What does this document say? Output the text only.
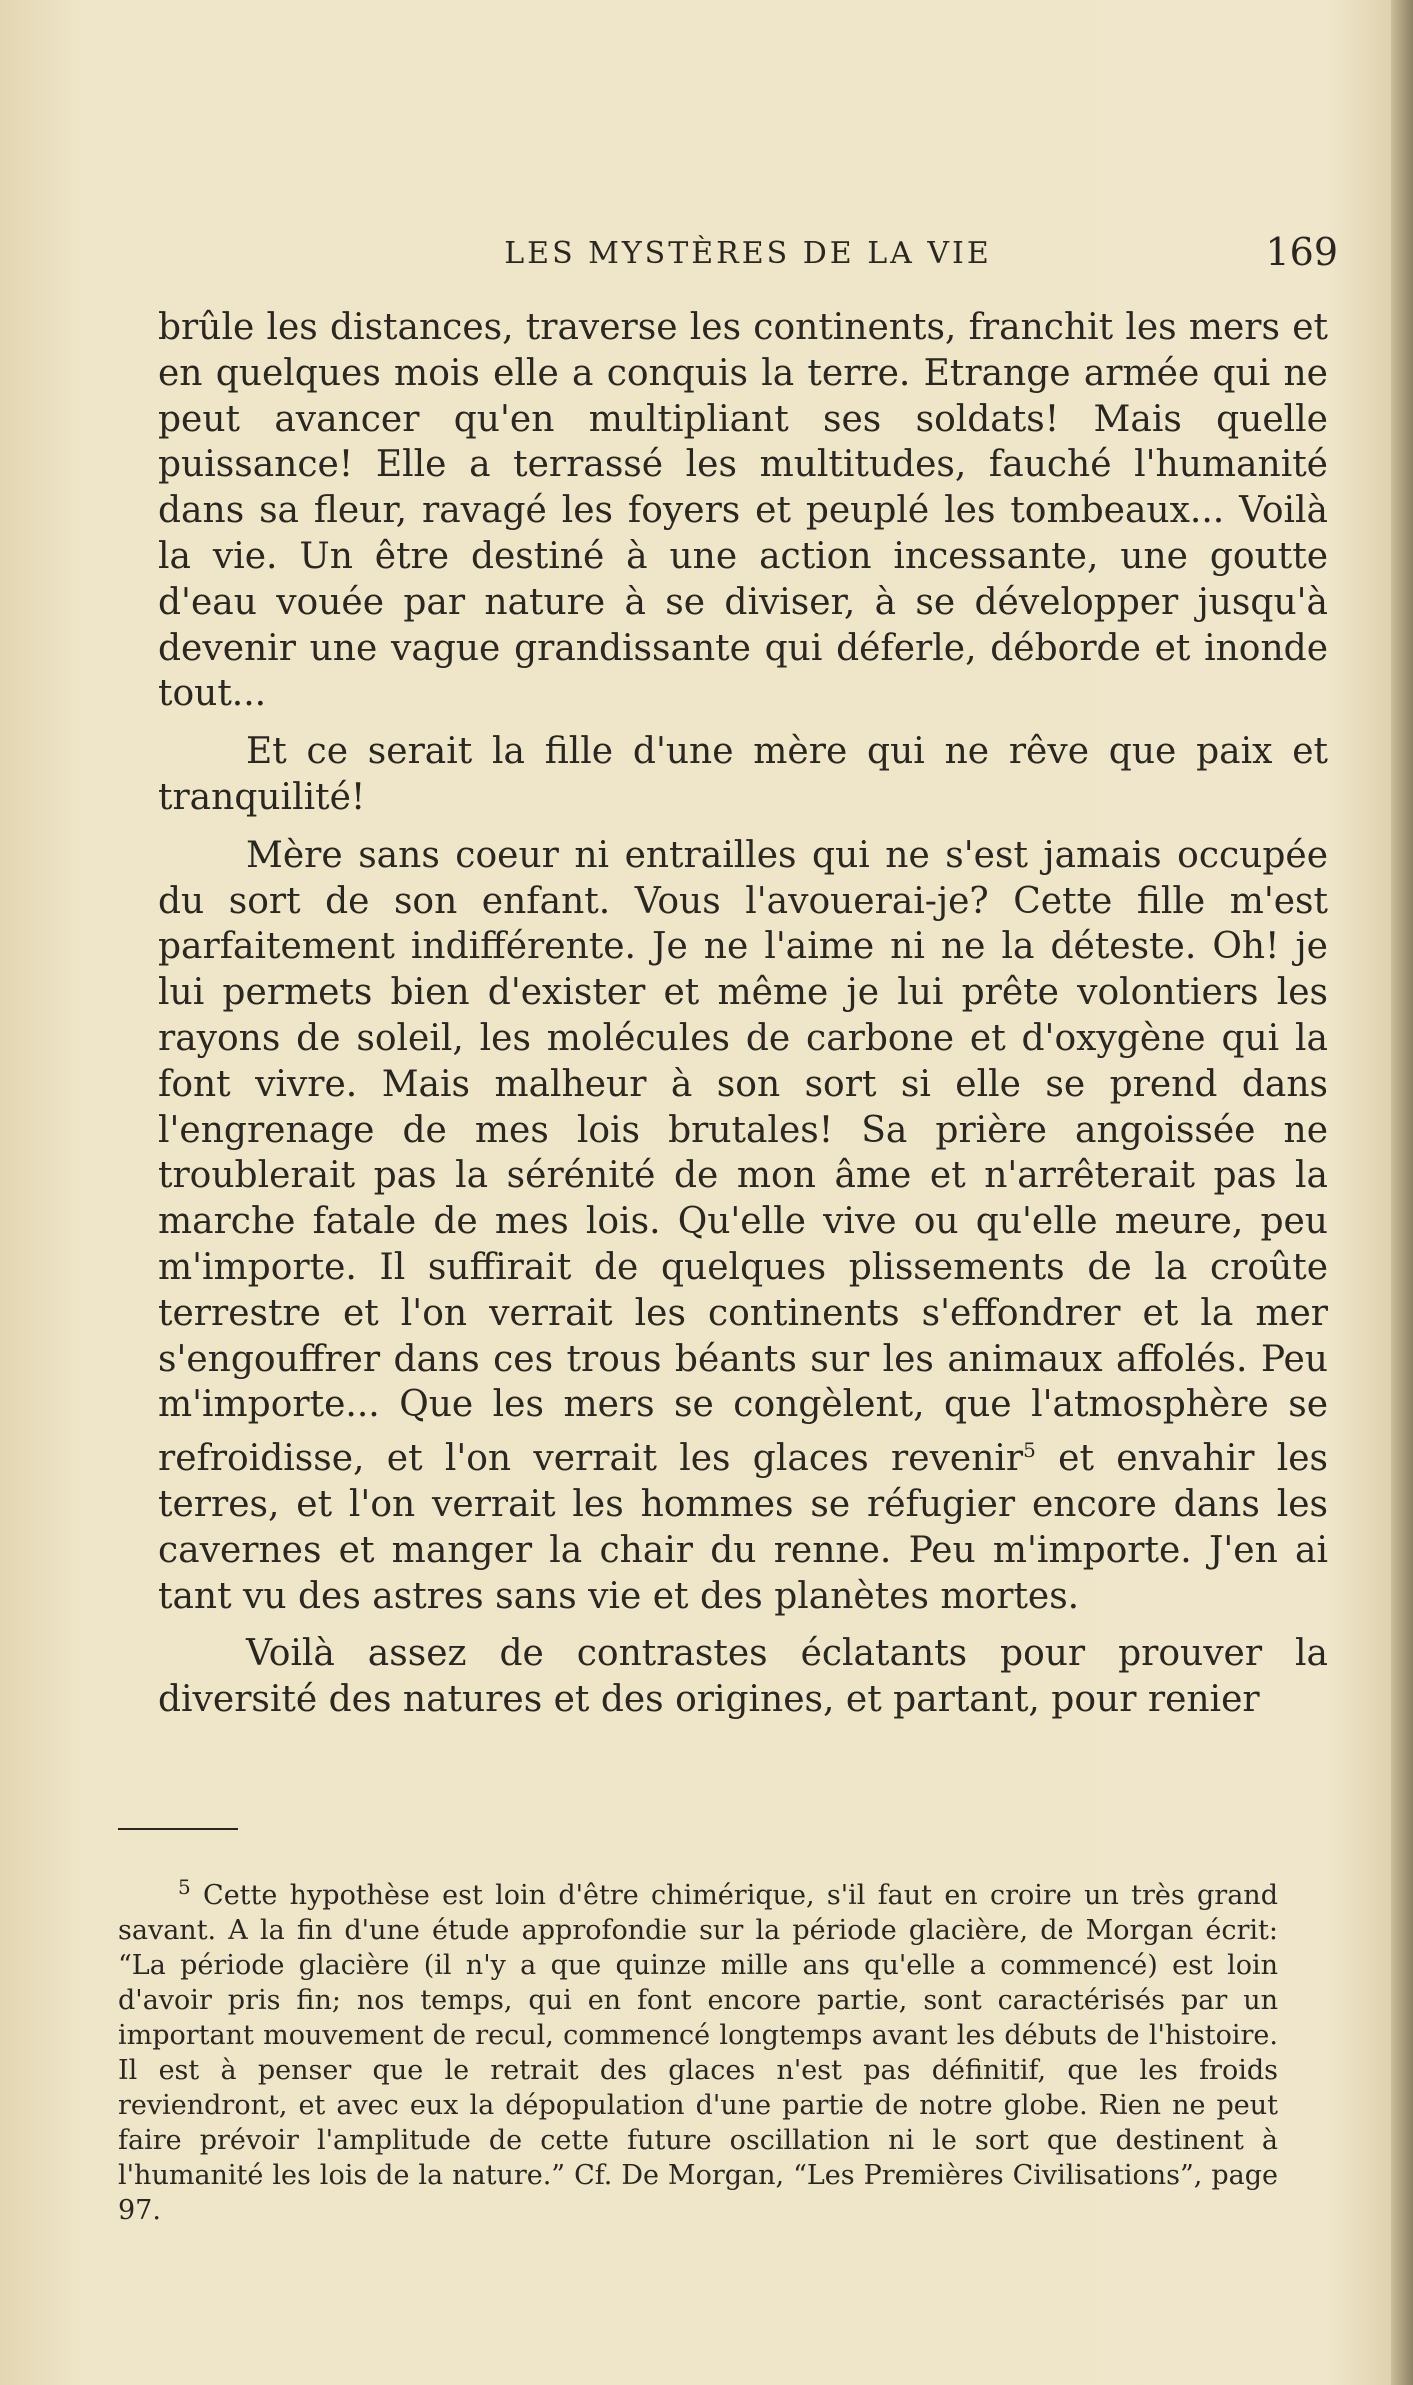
LES MYSTÈRES DE LA VIE	169

brûle les distances, traverse les continents, franchit les mers et en quelques mois elle a conquis la terre. Etrange armée qui ne peut avancer qu'en multipliant ses soldats! Mais quelle puissance! Elle a terrassé les multitudes, fauché l'humanité dans sa fleur, ravagé les foyers et peuplé les tombeaux... Voilà la vie. Un être destiné à une action incessante, une goutte d'eau vouée par nature à se diviser, à se développer jusqu'à devenir une vague grandissante qui déferle, déborde et inonde tout...

Et ce serait la fille d'une mère qui ne rêve que paix et tranquilité!

Mère sans coeur ni entrailles qui ne s'est jamais occupée du sort de son enfant. Vous l'avouerai-je? Cette fille m'est parfaitement indifférente. Je ne l'aime ni ne la déteste. Oh! je lui permets bien d'exister et même je lui prête volontiers les rayons de soleil, les molécules de carbone et d'oxygène qui la font vivre. Mais malheur à son sort si elle se prend dans l'engrenage de mes lois brutales! Sa prière angoissée ne troublerait pas la sérénité de mon âme et n'arrêterait pas la marche fatale de mes lois. Qu'elle vive ou qu'elle meure, peu m'importe. Il suffirait de quelques plissements de la croûte terrestre et l'on verrait les continents s'effondrer et la mer s'engouffrer dans ces trous béants sur les animaux affolés. Peu m'importe... Que les mers se congèlent, que l'atmosphère se refroidisse, et l'on verrait les glaces revenir$^5$ et envahir les terres, et l'on verrait les hommes se réfugier encore dans les cavernes et manger la chair du renne. Peu m'importe. J'en ai tant vu des astres sans vie et des planètes mortes.

Voilà assez de contrastes éclatants pour prouver la diversité des natures et des origines, et partant, pour renier

$^5$ Cette hypothèse est loin d'être chimérique, s'il faut en croire un très grand savant. A la fin d'une étude approfondie sur la période glacière, de Morgan écrit: “La période glacière (il n'y a que quinze mille ans qu'elle a commencé) est loin d'avoir pris fin; nos temps, qui en font encore partie, sont caractérisés par un important mouvement de recul, commencé longtemps avant les débuts de l'histoire. Il est à penser que le retrait des glaces n'est pas définitif, que les froids reviendront, et avec eux la dépopulation d'une partie de notre globe. Rien ne peut faire prévoir l'amplitude de cette future oscillation ni le sort que destinent à l'humanité les lois de la nature.” Cf. De Morgan, “Les Premières Civilisations”, page 97.
